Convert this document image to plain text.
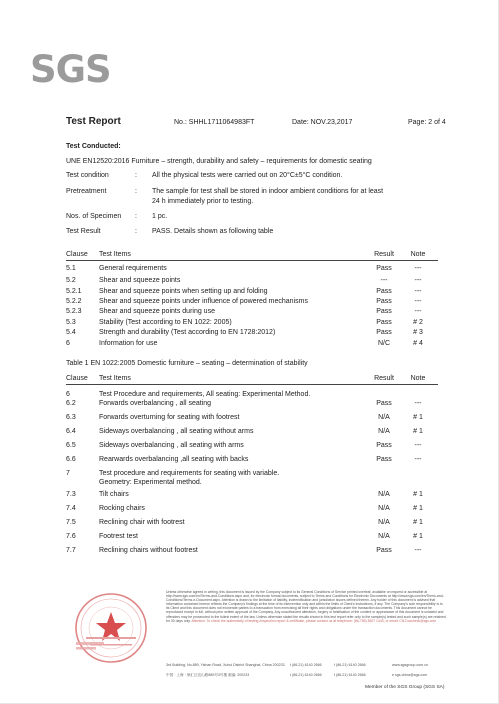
SGS
Test Report	No.: SHHL1711064983FT	Date: NOV.23,2017	Page: 2 of 4
Test Conducted:
UNE EN12520:2016 Furniture – strength, durability and safety – requirements for domestic seating
Test condition	: All the physical tests were carried out on 20°C±5°C condition.
Pretreatment	: The sample for test shall be stored in indoor ambient conditions for at least
24 h immediately prior to testing.
Nos. of Specimen : 1 pc.
Test Result	: PASS. Details shown as following table
Clause Test Items	Result	Note
5.1	General requirements	Pass	---
5.2	Shear and squeeze points	---	---
5.2.1 Shear and squeeze points when setting up and folding	Pass	---
5.2.2 Shear and squeeze points under influence of powered mechanisms	Pass	---
5.2.3 Shear and squeeze points during use	Pass	---
5.3	Stability (Test according to EN 1022: 2005)	Pass	# 2
5.4	Strength and durability (Test according to EN 1728:2012)	Pass	# 3
6	Information for use	N/C	# 4
Table 1 EN 1022:2005 Domestic furniture – seating – determination of stability
Clause Test Items	Result	Note
6	Test Procedure and requirements, All seating: Experimental Method.
6.2	Forwards overbalancing , all seating	Pass	---
6.3	Forwards overturning for seating with footrest	N/A	# 1
6.4	Sideways overbalancing , all seating without arms	N/A	# 1
6.5	Sideways overbalancing , all seating with arms	Pass	---
6.6	Rearwards overbalancing ,all seating with backs	Pass	---
7	Test procedure and requirements for seating with variable.
Geometry: Experimental method.
7.3	Tilt chairs	N/A	# 1
7.4	Rocking chairs	N/A	# 1
7.5	Reclining chair with footrest	N/A	# 1
7.6	Footrest test	N/A	# 1
7.7	Reclining chairs without footrest	Pass	---
Unless otherwise agreed in writing, this document is issued by the Company subject to its General Conditions of Service printed overleaf, available on request or accessible at http://www.sgs.com/en/Terms-and-Conditions.aspx and, for electronic format documents, subject to Terms and Conditions for Electronic Documents at http://www.sgs.com/en/Terms-and-Conditions/Terms-e-Document.aspx. Attention is drawn to the limitation of liability, indemnification and jurisdiction issues defined therein. Any holder of this document is advised that information contained hereon reflects the Company's findings at the time of its intervention only and within the limits of Client's instructions, if any. The Company's sole responsibility is to its Client and this document does not exonerate parties to a transaction from exercising all their rights and obligations under the transaction documents. This document cannot be reproduced except in full, without prior written approval of the Company. Any unauthorized alteration, forgery or falsification of the content or appearance of this document is unlawful and offenders may be prosecuted to the fullest extent of the law. Unless otherwise stated the results shown in this test report refer only to the sample(s) tested and such sample(s) are retained for 30 days only. Attention: To check the authenticity of testing /inspection report & certificate, please contact us at telephone: (86-755) 8307 1443, or email: CN.Doccheck@sgs.com
3rd Building, No.889, Yishan Road, Xuhui District Shanghai, China 200233
中国 · 上海 · 徐汇区宜山路889号3号楼 邮编: 200233
t (86-21) 6140 2666	f (86-21) 6140 2666	www.sgsgroup.com.cn
t (86-21) 6140 2666	f (86-21) 6140 2666	e sgs.china@sgs.com
Member of the SGS Group (SGS SA)
